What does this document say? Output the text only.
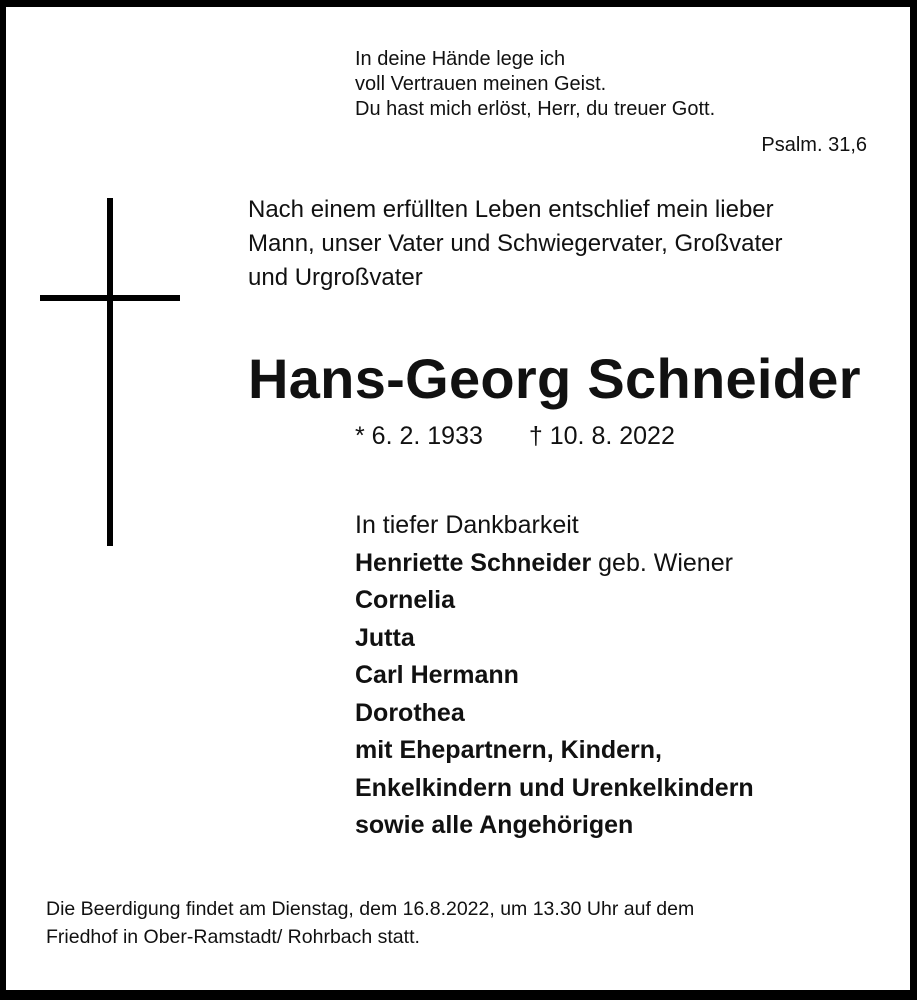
In deine Hände lege ich
voll Vertrauen meinen Geist.
Du hast mich erlöst, Herr, du treuer Gott.
Psalm. 31,6
Nach einem erfüllten Leben entschlief mein lieber
Mann, unser Vater und Schwiegervater, Großvater
und Urgroßvater
Hans-Georg Schneider
* 6. 2. 1933 † 10. 8. 2022
In tiefer Dankbarkeit
Henriette Schneider geb. Wiener
Cornelia
Jutta
Carl Hermann
Dorothea
mit Ehepartnern, Kindern,
Enkelkindern und Urenkelkindern
sowie alle Angehörigen
Die Beerdigung findet am Dienstag, dem 16.8.2022, um 13.30 Uhr auf dem
Friedhof in Ober-Ramstadt/ Rohrbach statt.
